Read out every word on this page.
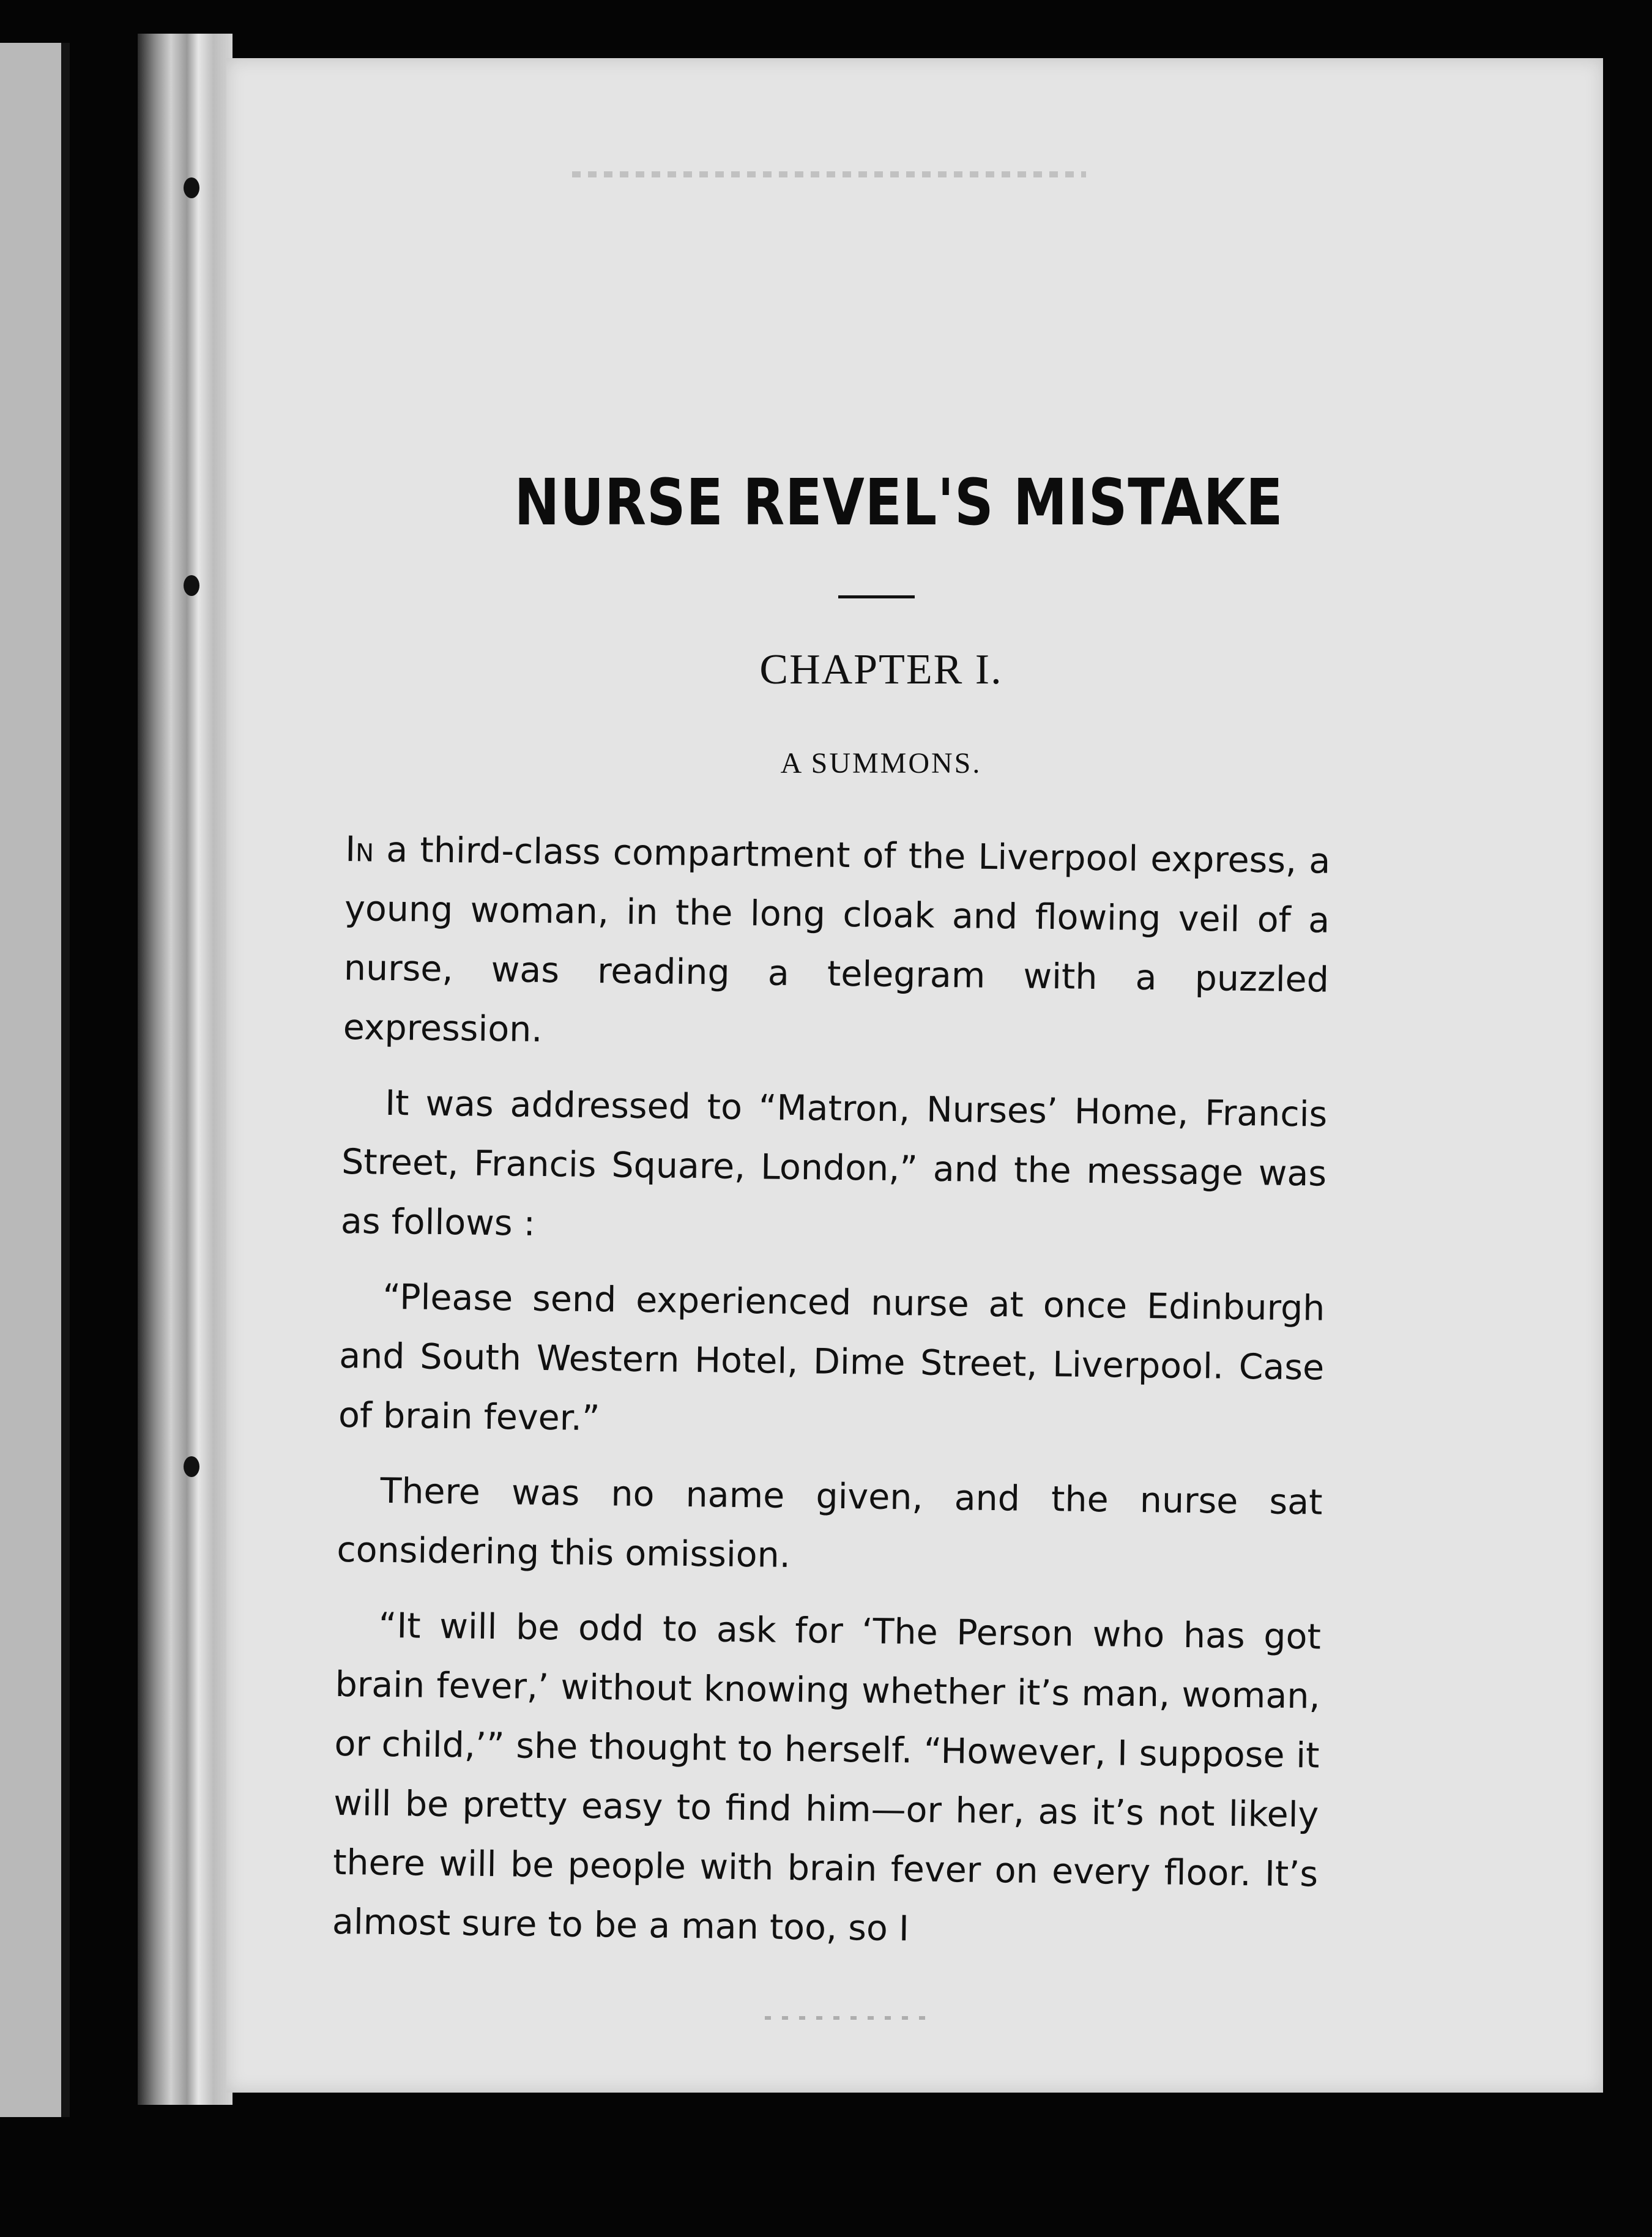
NURSE REVEL'S MISTAKE
CHAPTER I.
A SUMMONS.

In a third-class compartment of the Liverpool express, a young woman, in the long cloak and flowing veil of a nurse, was reading a telegram with a puzzled expression.

It was addressed to “Matron, Nurses’ Home, Francis Street, Francis Square, London,” and the message was as follows :

“Please send experienced nurse at once Edinburgh and South Western Hotel, Dime Street, Liverpool. Case of brain fever.”

There was no name given, and the nurse sat considering this omission.

“It will be odd to ask for ‘The Person who has got brain fever,’ without knowing whether it’s man, woman, or child,’” she thought to herself. “However, I suppose it will be pretty easy to find him—or her, as it’s not likely there will be people with brain fever on every floor. It’s almost sure to be a man too, so I
